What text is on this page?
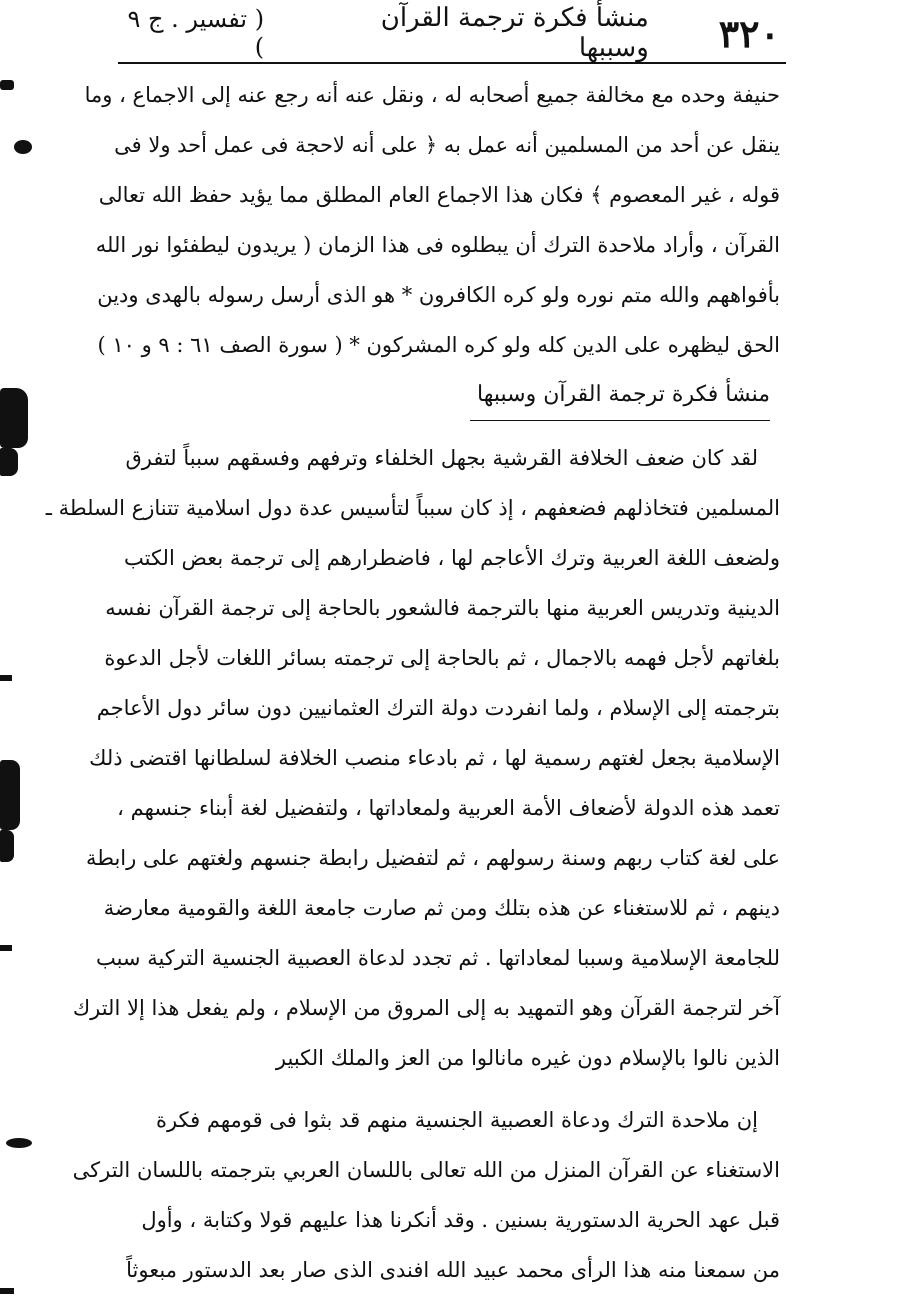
٣٢٠
منشأ فكرة ترجمة القرآن وسببها
( تفسير . ج ٩ )
حنيفة وحده مع مخالفة جميع أصحابه له ، ونقل عنه أنه رجع عنه إلى الاجماع ، وما
ينقل عن أحد من المسلمين أنه عمل به ﴿ على أنه لاحجة فى عمل أحد ولا فى
قوله ، غير المعصوم ﴾ فكان هذا الاجماع العام المطلق مما يؤيد حفظ الله تعالى
القرآن ، وأراد ملاحدة الترك أن يبطلوه فى هذا الزمان ( يريدون ليطفئوا نور الله
بأفواههم والله متم نوره ولو كره الكافرون * هو الذى أرسل رسوله بالهدى ودين
الحق ليظهره على الدين كله ولو كره المشركون * ( سورة الصف ٦١ : ٩ و ١٠ )
منشأ فكرة ترجمة القرآن وسببها
لقد كان ضعف الخلافة القرشية بجهل الخلفاء وترفهم وفسقهم سبباً لتفرق
المسلمين فتخاذلهم فضعفهم ، إذ كان سبباً لتأسيس عدة دول اسلامية تتنازع السلطة ـ
ولضعف اللغة العربية وترك الأعاجم لها ، فاضطرارهم إلى ترجمة بعض الكتب
الدينية وتدريس العربية منها بالترجمة فالشعور بالحاجة إلى ترجمة القرآن نفسه
بلغاتهم لأجل فهمه بالاجمال ، ثم بالحاجة إلى ترجمته بسائر اللغات لأجل الدعوة
بترجمته إلى الإسلام ، ولما انفردت دولة الترك العثمانيين دون سائر دول الأعاجم
الإسلامية بجعل لغتهم رسمية لها ، ثم بادعاء منصب الخلافة لسلطانها اقتضى ذلك
تعمد هذه الدولة لأضعاف الأمة العربية ولمعاداتها ، ولتفضيل لغة أبناء جنسهم ،
على لغة كتاب ربهم وسنة رسولهم ، ثم لتفضيل رابطة جنسهم ولغتهم على رابطة
دينهم ، ثم للاستغناء عن هذه بتلك ومن ثم صارت جامعة اللغة والقومية معارضة
للجامعة الإسلامية وسببا لمعاداتها . ثم تجدد لدعاة العصبية الجنسية التركية سبب
آخر لترجمة القرآن وهو التمهيد به إلى المروق من الإسلام ، ولم يفعل هذا إلا الترك
الذين نالوا بالإسلام دون غيره مانالوا من العز والملك الكبير
إن ملاحدة الترك ودعاة العصبية الجنسية منهم قد بثوا فى قومهم فكرة
الاستغناء عن القرآن المنزل من الله تعالى باللسان العربي بترجمته باللسان التركى
قبل عهد الحرية الدستورية بسنين . وقد أنكرنا هذا عليهم قولا وكتابة ، وأول
من سمعنا منه هذا الرأى محمد عبيد الله افندى الذى صار بعد الدستور مبعوثاً
